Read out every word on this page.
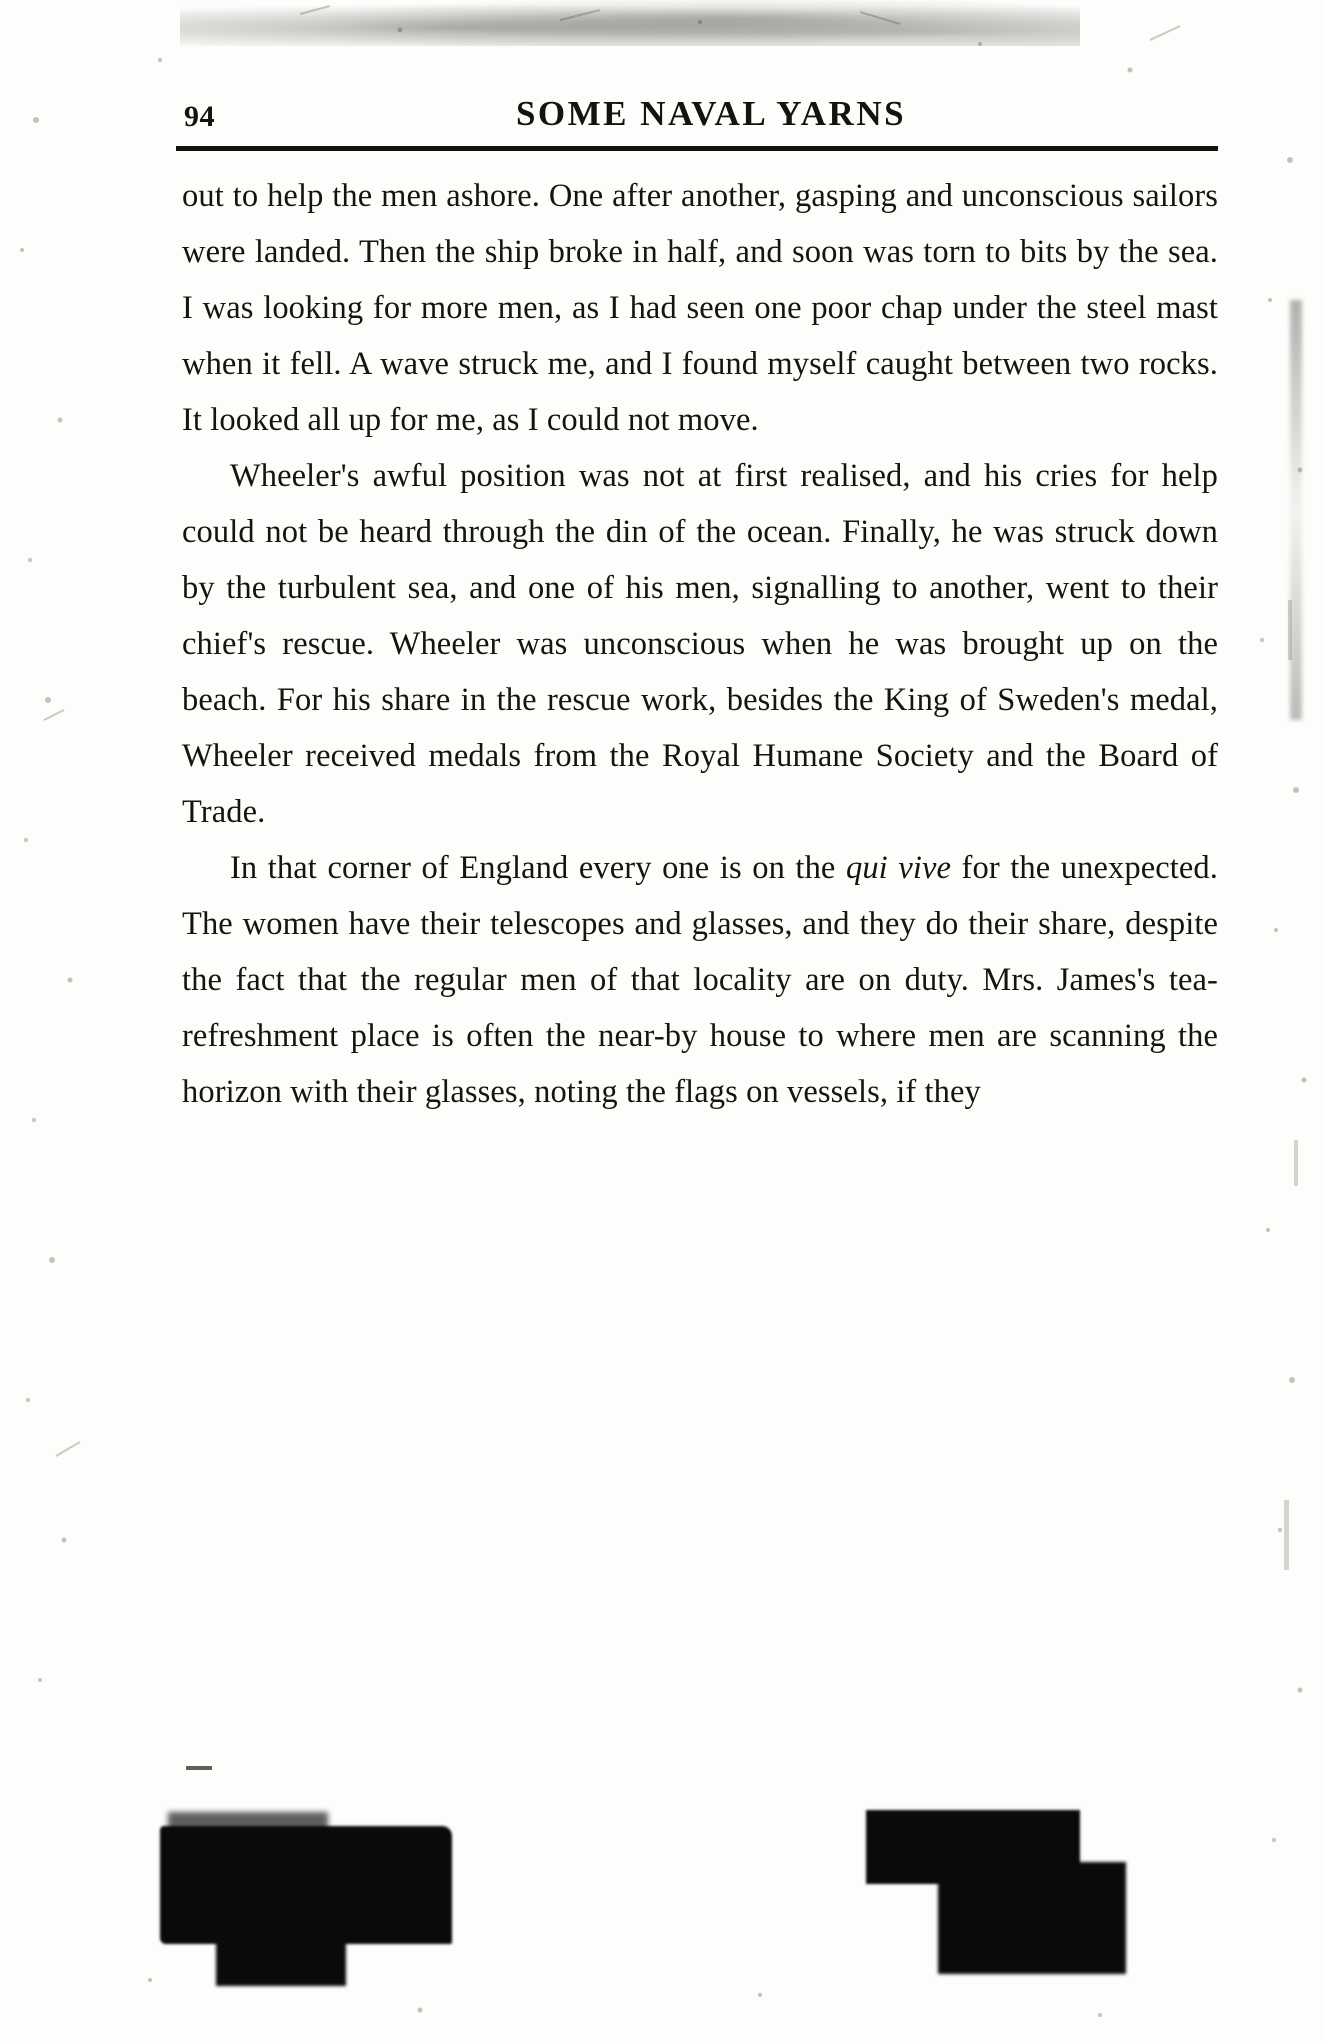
94	SOME NAVAL YARNS

out to help the men ashore. One after another, gasping and unconscious sailors were landed. Then the ship broke in half, and soon was torn to bits by the sea. I was looking for more men, as I had seen one poor chap under the steel mast when it fell. A wave struck me, and I found myself caught between two rocks. It looked all up for me, as I could not move.

Wheeler's awful position was not at first realised, and his cries for help could not be heard through the din of the ocean. Finally, he was struck down by the turbulent sea, and one of his men, signalling to another, went to their chief's rescue. Wheeler was unconscious when he was brought up on the beach. For his share in the rescue work, besides the King of Sweden's medal, Wheeler received medals from the Royal Humane Society and the Board of Trade.

In that corner of England every one is on the qui vive for the unexpected. The women have their telescopes and glasses, and they do their share, despite the fact that the regular men of that locality are on duty. Mrs. James's tea-refreshment place is often the near-by house to where men are scanning the horizon with their glasses, noting the flags on vessels, if they
